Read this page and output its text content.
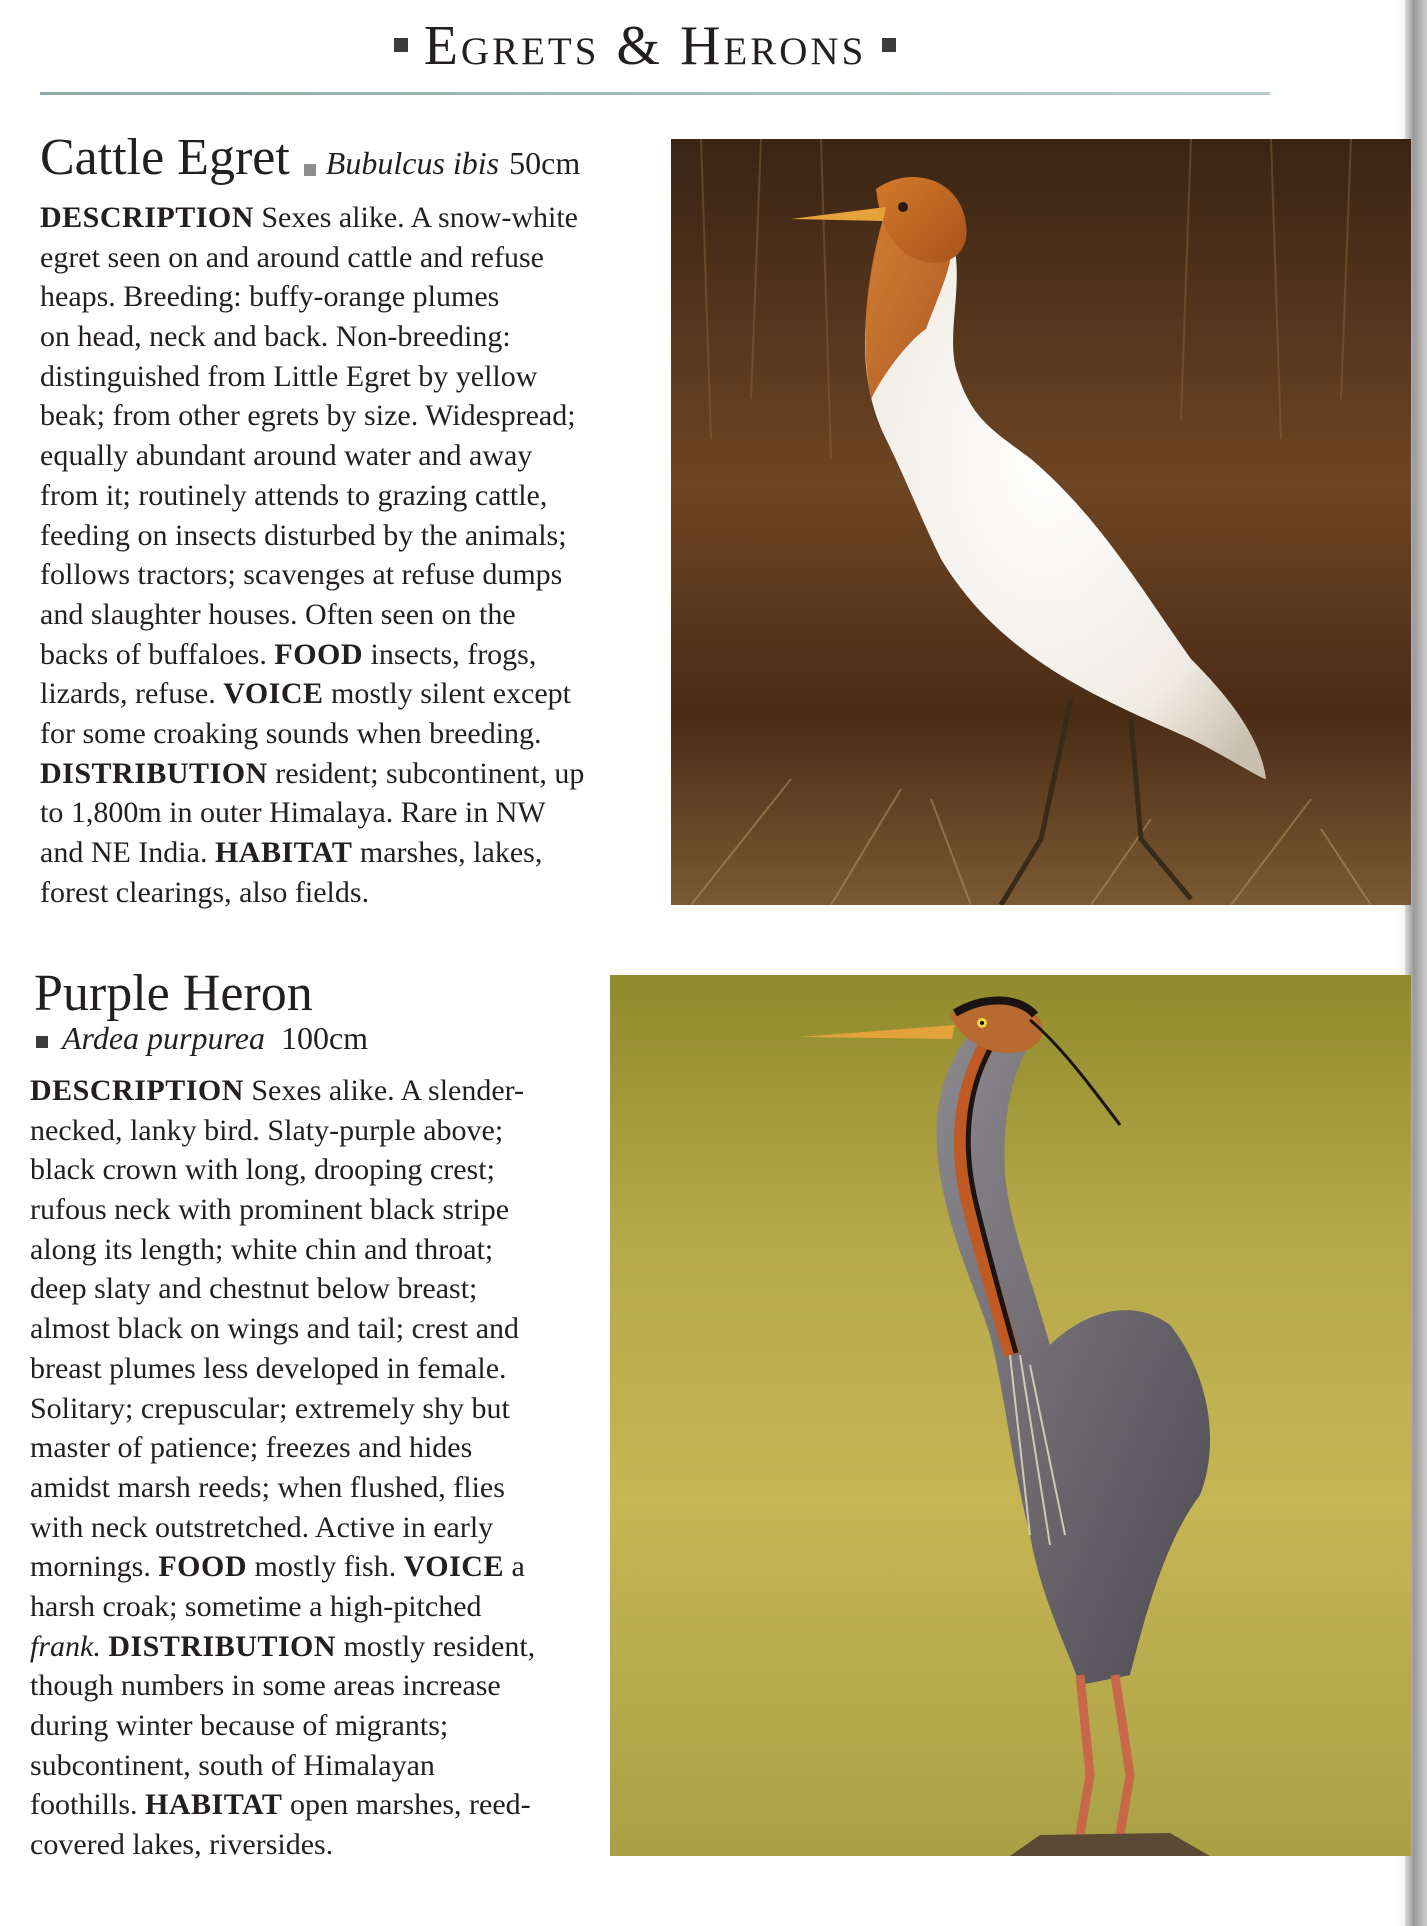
Egrets & Herons
Cattle Egret Bubulcus ibis 50cm
DESCRIPTION Sexes alike. A snow-white
egret seen on and around cattle and refuse
heaps. Breeding: buffy-orange plumes
on head, neck and back. Non-breeding:
distinguished from Little Egret by yellow
beak; from other egrets by size. Widespread;
equally abundant around water and away
from it; routinely attends to grazing cattle,
feeding on insects disturbed by the animals;
follows tractors; scavenges at refuse dumps
and slaughter houses. Often seen on the
backs of buffaloes. FOOD insects, frogs,
lizards, refuse. VOICE mostly silent except
for some croaking sounds when breeding.
DISTRIBUTION resident; subcontinent, up
to 1,800m in outer Himalaya. Rare in NW
and NE India. HABITAT marshes, lakes,
forest clearings, also fields.
Purple Heron
Ardea purpurea 100cm
DESCRIPTION Sexes alike. A slender-
necked, lanky bird. Slaty-purple above;
black crown with long, drooping crest;
rufous neck with prominent black stripe
along its length; white chin and throat;
deep slaty and chestnut below breast;
almost black on wings and tail; crest and
breast plumes less developed in female.
Solitary; crepuscular; extremely shy but
master of patience; freezes and hides
amidst marsh reeds; when flushed, flies
with neck outstretched. Active in early
mornings. FOOD mostly fish. VOICE a
harsh croak; sometime a high-pitched
frank. DISTRIBUTION mostly resident,
though numbers in some areas increase
during winter because of migrants;
subcontinent, south of Himalayan
foothills. HABITAT open marshes, reed-
covered lakes, riversides.
